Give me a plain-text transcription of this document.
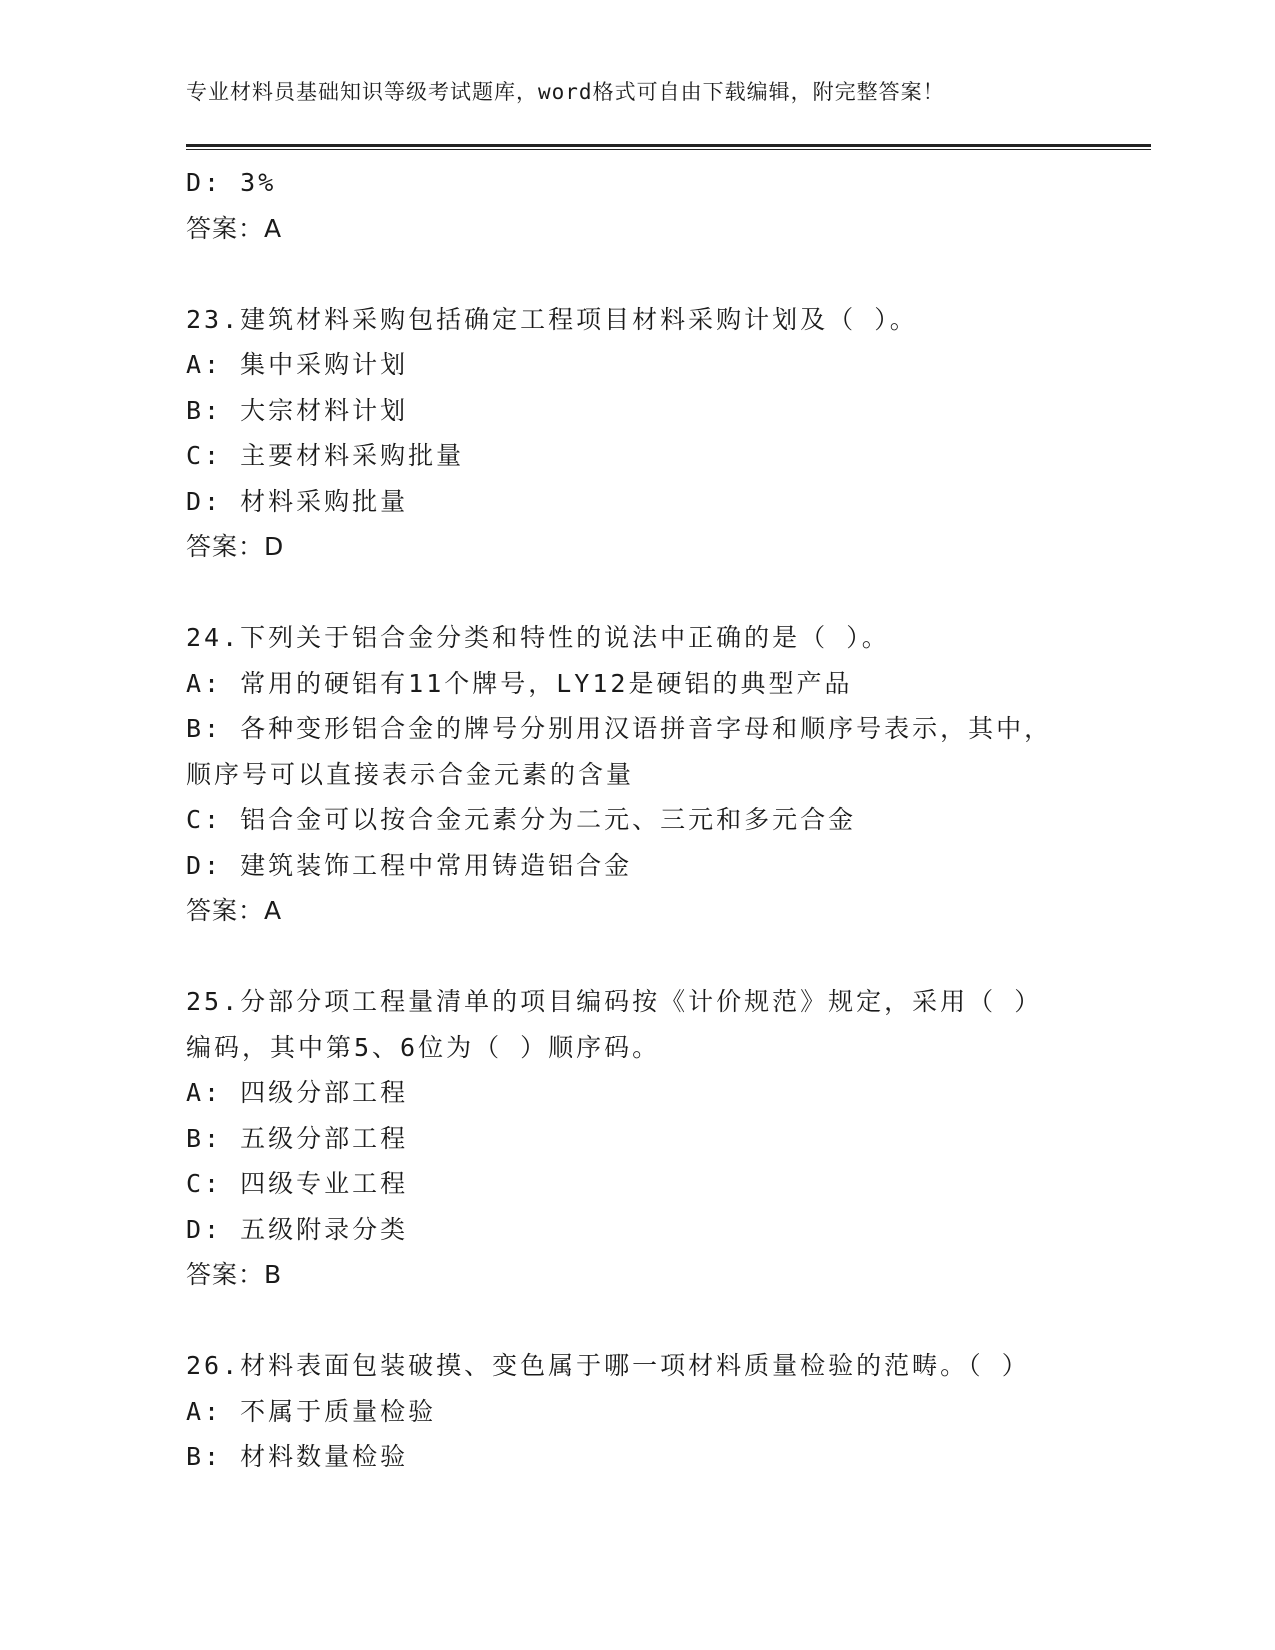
专业材料员基础知识等级考试题库，word格式可自由下载编辑，附完整答案！
D: 3%
答案：A
23.建筑材料采购包括确定工程项目材料采购计划及（ ）。
A: 集中采购计划
B: 大宗材料计划
C: 主要材料采购批量
D: 材料采购批量
答案：D
24.下列关于铝合金分类和特性的说法中正确的是（ ）。
A: 常用的硬铝有11个牌号，LY12是硬铝的典型产品
B: 各种变形铝合金的牌号分别用汉语拼音字母和顺序号表示，其中，
顺序号可以直接表示合金元素的含量
C: 铝合金可以按合金元素分为二元、三元和多元合金
D: 建筑装饰工程中常用铸造铝合金
答案：A
25.分部分项工程量清单的项目编码按《计价规范》规定，采用（ ）
编码，其中第5、6位为（ ）顺序码。
A: 四级分部工程
B: 五级分部工程
C: 四级专业工程
D: 五级附录分类
答案：B
26.材料表面包装破摸、变色属于哪一项材料质量检验的范畴。（ ）
A: 不属于质量检验
B: 材料数量检验
